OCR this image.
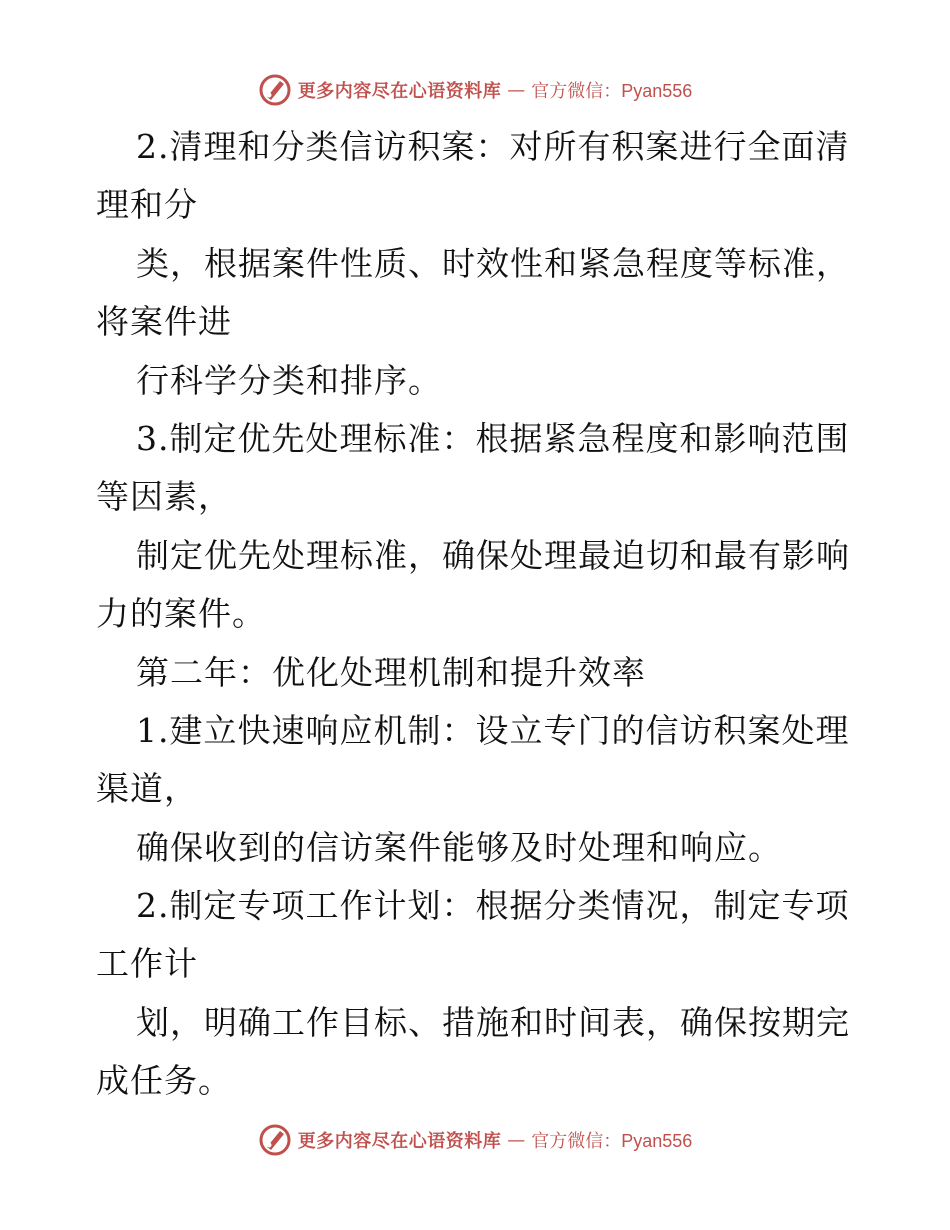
更多内容尽在心语资料库 — 官方微信：Pyan556
2.清理和分类信访积案：对所有积案进行全面清
理和分
类，根据案件性质、时效性和紧急程度等标准，
将案件进
行科学分类和排序。
3.制定优先处理标准：根据紧急程度和影响范围
等因素，
制定优先处理标准，确保处理最迫切和最有影响
力的案件。
第二年：优化处理机制和提升效率
1.建立快速响应机制：设立专门的信访积案处理
渠道，
确保收到的信访案件能够及时处理和响应。
2.制定专项工作计划：根据分类情况，制定专项
工作计
划，明确工作目标、措施和时间表，确保按期完
成任务。
更多内容尽在心语资料库 — 官方微信：Pyan556
